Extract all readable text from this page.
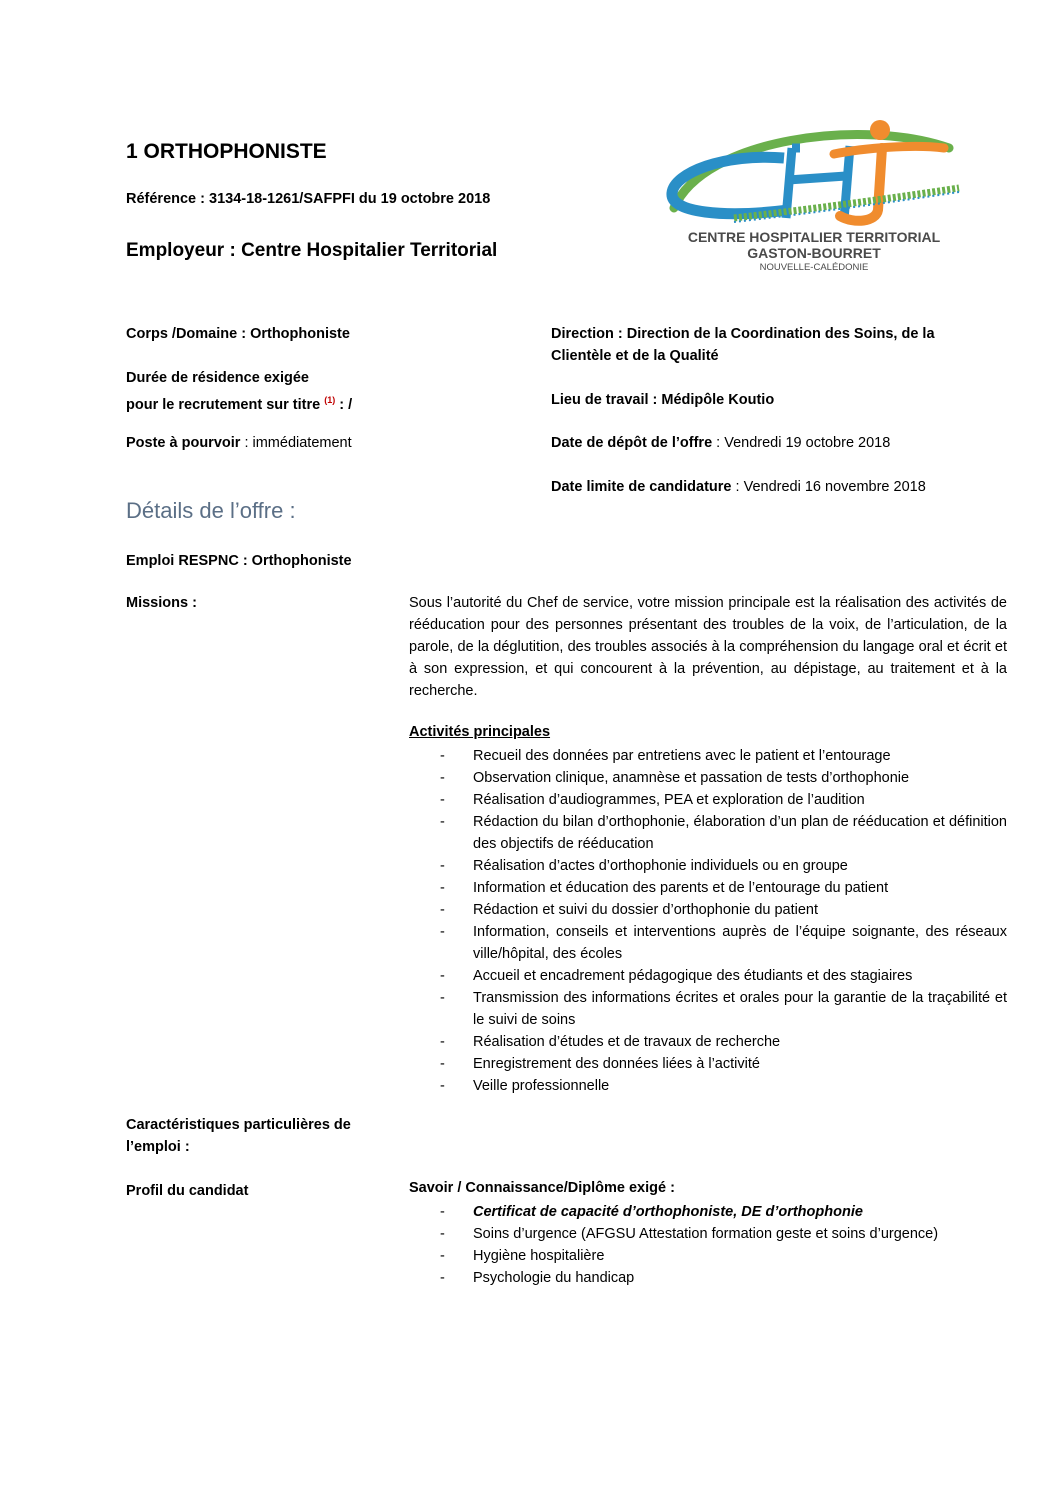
1 ORTHOPHONISTE
Référence : 3134-18-1261/SAFPFI du 19 octobre 2018
Employeur : Centre Hospitalier Territorial
CENTRE HOSPITALIER TERRITORIAL
GASTON-BOURRET
NOUVELLE-CALÉDONIE
Corps /Domaine : Orthophoniste
Durée de résidence exigée
pour le recrutement sur titre $^{(1)}$ : /
Poste à pourvoir : immédiatement
Direction : Direction de la Coordination des Soins, de la
Clientèle et de la Qualité
Lieu de travail : Médipôle Koutio
Date de dépôt de l’offre : Vendredi 19 octobre 2018
Date limite de candidature : Vendredi 16 novembre 2018
Détails de l’offre :
Emploi RESPNC : Orthophoniste
Missions :	Sous l’autorité du Chef de service, votre mission principale est la réalisation des activités de rééducation pour des personnes présentant des troubles de la voix, de l’articulation, de la parole, de la déglutition, des troubles associés à la compréhension du langage oral et écrit et à son expression, et qui concourent à la prévention, au dépistage, au traitement et à la recherche.
Activités principales
- Recueil des données par entretiens avec le patient et l’entourage
- Observation clinique, anamnèse et passation de tests d’orthophonie
- Réalisation d’audiogrammes, PEA et exploration de l’audition
- Rédaction du bilan d’orthophonie, élaboration d’un plan de rééducation et définition des objectifs de rééducation
- Réalisation d’actes d’orthophonie individuels ou en groupe
- Information et éducation des parents et de l’entourage du patient
- Rédaction et suivi du dossier d’orthophonie du patient
- Information, conseils et interventions auprès de l’équipe soignante, des réseaux ville/hôpital, des écoles
- Accueil et encadrement pédagogique des étudiants et des stagiaires
- Transmission des informations écrites et orales pour la garantie de la traçabilité et le suivi de soins
- Réalisation d’études et de travaux de recherche
- Enregistrement des données liées à l’activité
- Veille professionnelle
Caractéristiques particulières de
l’emploi :
Profil du candidat	Savoir / Connaissance/Diplôme exigé :
- Certificat de capacité d’orthophoniste, DE d’orthophonie
- Soins d’urgence (AFGSU Attestation formation geste et soins d’urgence)
- Hygiène hospitalière
- Psychologie du handicap
